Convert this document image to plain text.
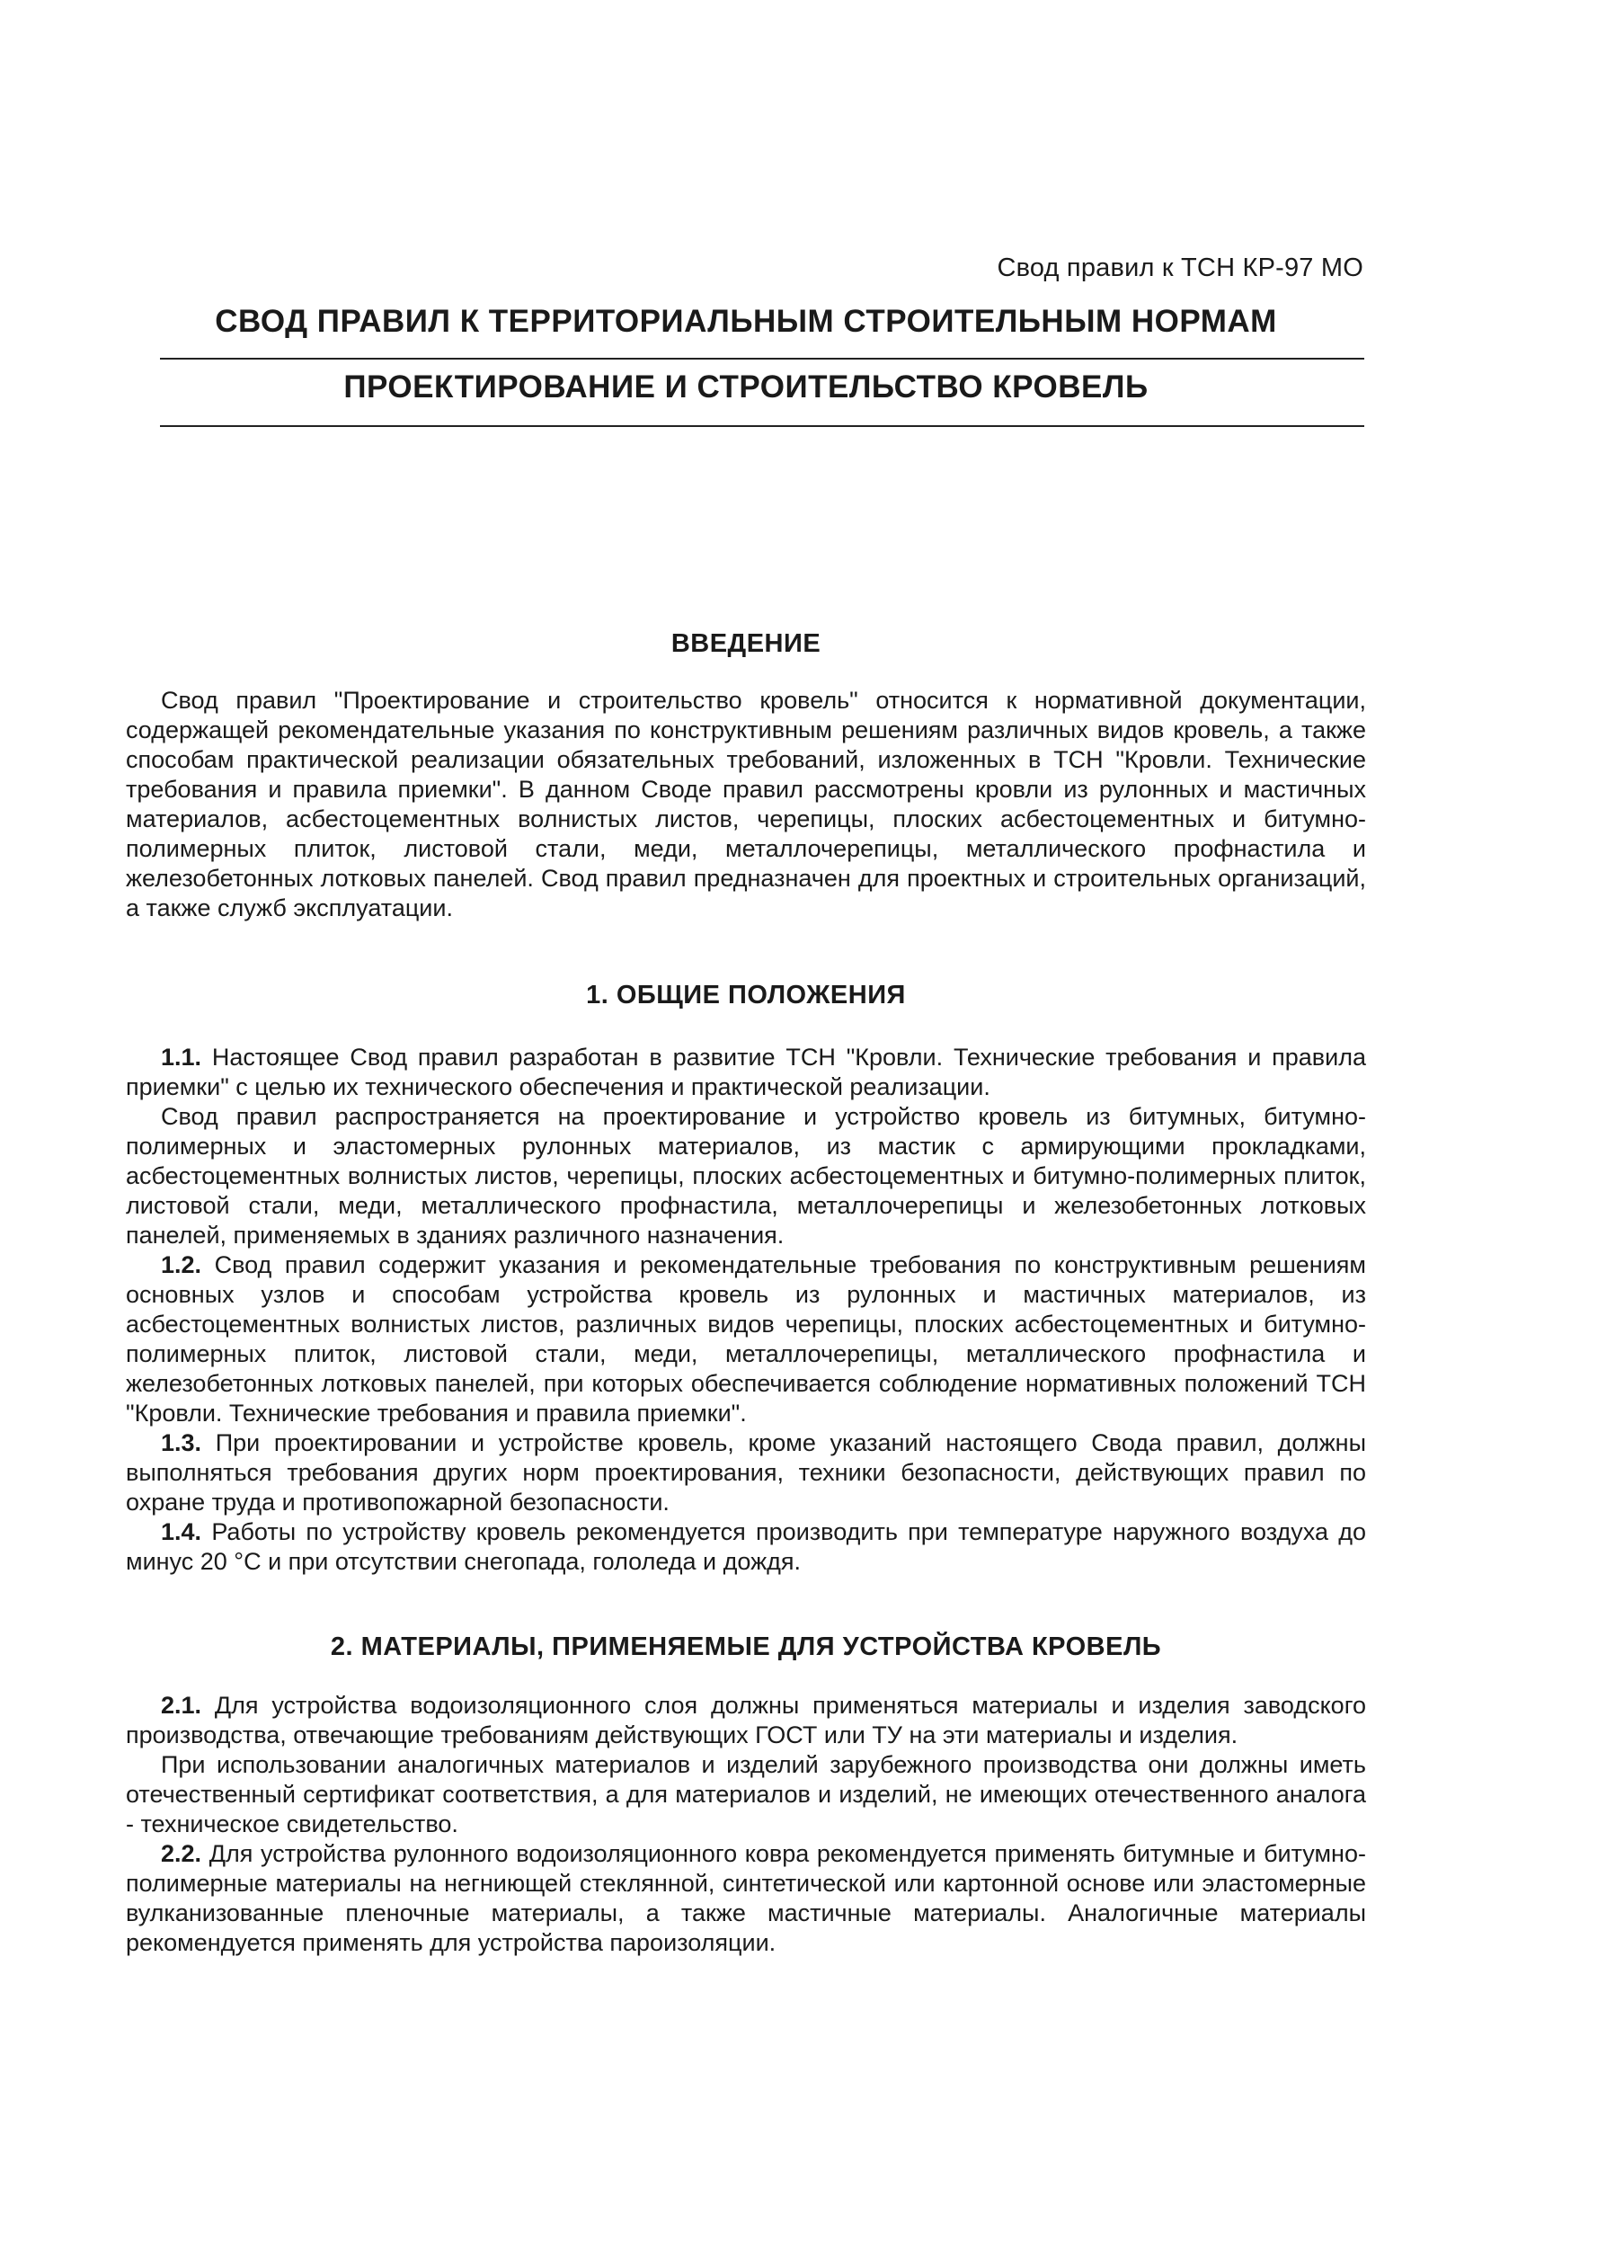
Свод правил к ТСН КР-97 МО
СВОД ПРАВИЛ К ТЕРРИТОРИАЛЬНЫМ СТРОИТЕЛЬНЫМ НОРМАМ
ПРОЕКТИРОВАНИЕ И СТРОИТЕЛЬСТВО КРОВЕЛЬ
ВВЕДЕНИЕ

Свод правил "Проектирование и строительство кровель" относится к нормативной документации, содержащей рекомендательные указания по конструктивным решениям различных видов кровель, а также способам практической реализации обязательных требований, изложенных в ТСН "Кровли. Технические требования и правила приемки". В данном Своде правил рассмотрены кровли из рулонных и мастичных материалов, асбестоцементных волнистых листов, черепицы, плоских асбестоцементных и битумно-полимерных плиток, листовой стали, меди, металлочерепицы, металлического профнастила и железобетонных лотковых панелей. Свод правил предназначен для проектных и строительных организаций, а также служб эксплуатации.

1. ОБЩИЕ ПОЛОЖЕНИЯ

1.1. Настоящее Свод правил разработан в развитие ТСН "Кровли. Технические требования и правила приемки" с целью их технического обеспечения и практической реализации.

Свод правил распространяется на проектирование и устройство кровель из битумных, битумно-полимерных и эластомерных рулонных материалов, из мастик с армирующими прокладками, асбестоцементных волнистых листов, черепицы, плоских асбестоцементных и битумно-полимерных плиток, листовой стали, меди, металлического профнастила, металлочерепицы и железобетонных лотковых панелей, применяемых в зданиях различного назначения.

1.2. Свод правил содержит указания и рекомендательные требования по конструктивным решениям основных узлов и способам устройства кровель из рулонных и мастичных материалов, из асбестоцементных волнистых листов, различных видов черепицы, плоских асбестоцементных и битумно-полимерных плиток, листовой стали, меди, металлочерепицы, металлического профнастила и железобетонных лотковых панелей, при которых обеспечивается соблюдение нормативных положений ТСН "Кровли. Технические требования и правила приемки".

1.3. При проектировании и устройстве кровель, кроме указаний настоящего Свода правил, должны выполняться требования других норм проектирования, техники безопасности, действующих правил по охране труда и противопожарной безопасности.

1.4. Работы по устройству кровель рекомендуется производить при температуре наружного воздуха до минус 20 °С и при отсутствии снегопада, гололеда и дождя.

2. МАТЕРИАЛЫ, ПРИМЕНЯЕМЫЕ ДЛЯ УСТРОЙСТВА КРОВЕЛЬ

2.1. Для устройства водоизоляционного слоя должны применяться материалы и изделия заводского производства, отвечающие требованиям действующих ГОСТ или ТУ на эти материалы и изделия.

При использовании аналогичных материалов и изделий зарубежного производства они должны иметь отечественный сертификат соответствия, а для материалов и изделий, не имеющих отечественного аналога - техническое свидетельство.

2.2. Для устройства рулонного водоизоляционного ковра рекомендуется применять битумные и битумно-полимерные материалы на негниющей стеклянной, синтетической или картонной основе или эластомерные вулканизованные пленочные материалы, а также мастичные материалы. Аналогичные материалы рекомендуется применять для устройства пароизоляции.
